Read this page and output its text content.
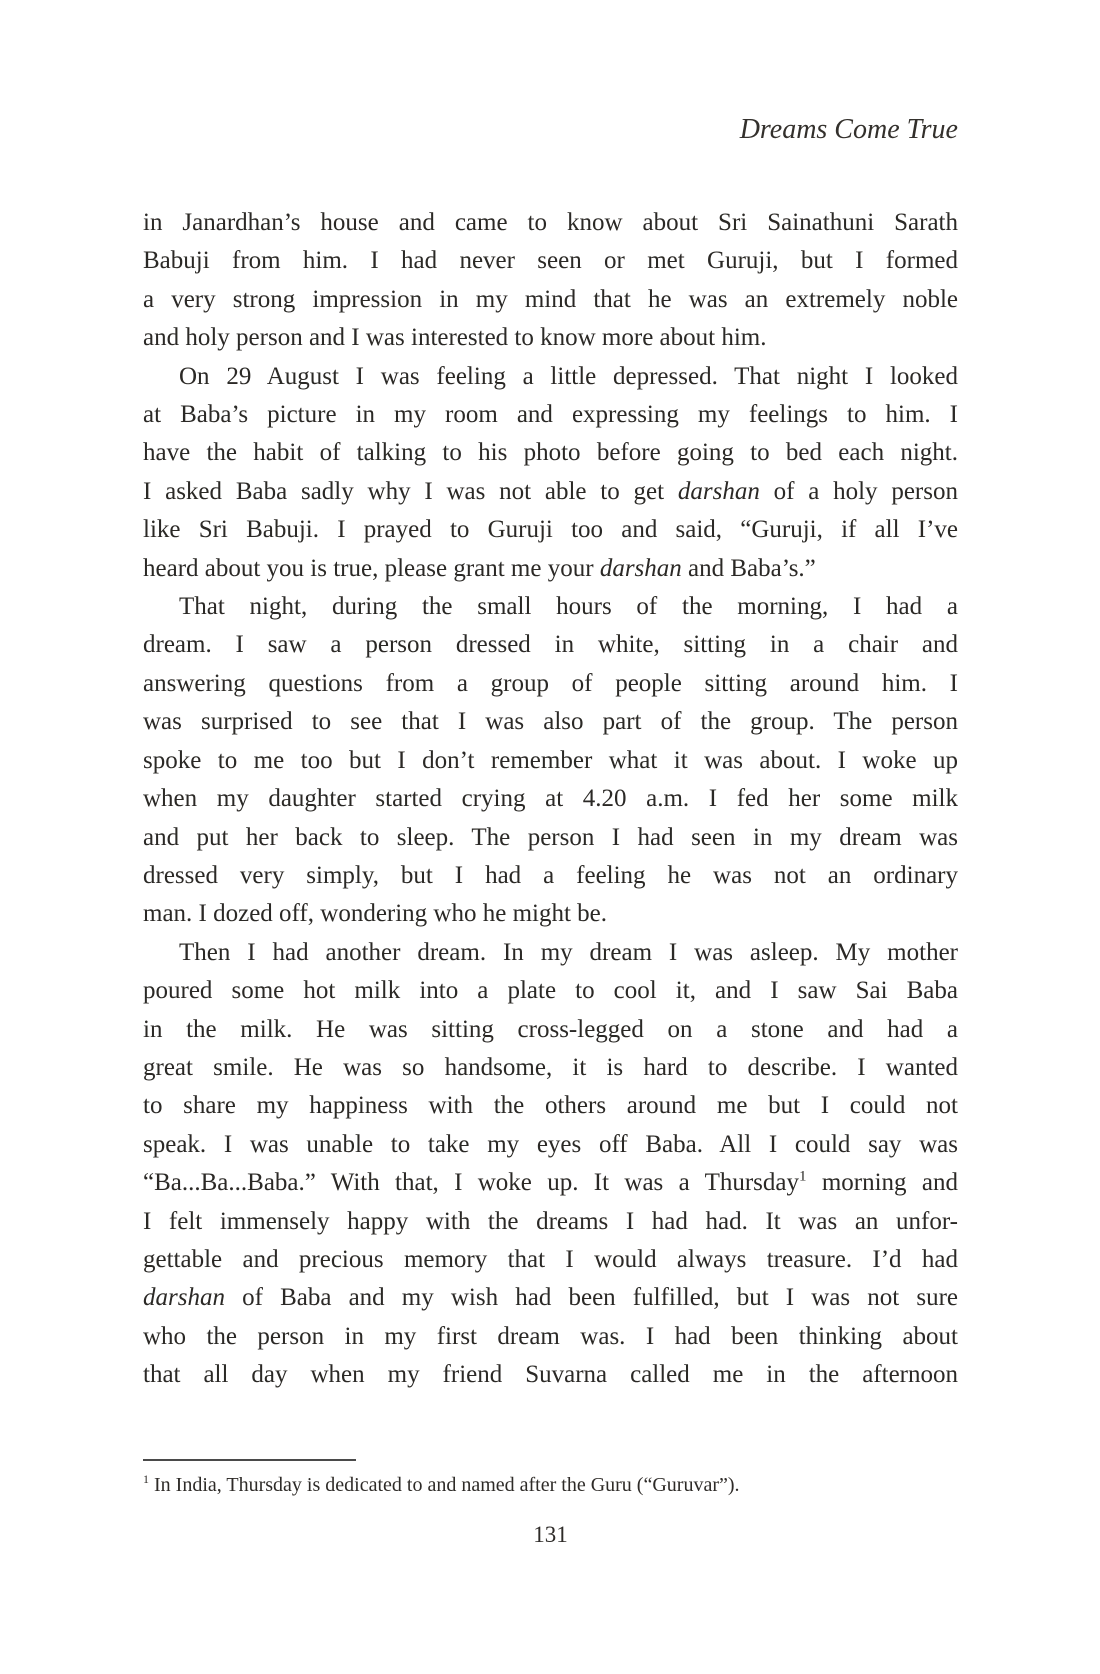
Dreams Come True
in Janardhan’s house and came to know about Sri Sainathuni Sarath
Babuji from him. I had never seen or met Guruji, but I formed
a very strong impression in my mind that he was an extremely noble
and holy person and I was interested to know more about him.
On 29 August I was feeling a little depressed. That night I looked
at Baba’s picture in my room and expressing my feelings to him. I
have the habit of talking to his photo before going to bed each night.
I asked Baba sadly why I was not able to get darshan of a holy person
like Sri Babuji. I prayed to Guruji too and said, “Guruji, if all I’ve
heard about you is true, please grant me your darshan and Baba’s.”
That night, during the small hours of the morning, I had a
dream. I saw a person dressed in white, sitting in a chair and
answering questions from a group of people sitting around him. I
was surprised to see that I was also part of the group. The person
spoke to me too but I don’t remember what it was about. I woke up
when my daughter started crying at 4.20 a.m. I fed her some milk
and put her back to sleep. The person I had seen in my dream was
dressed very simply, but I had a feeling he was not an ordinary
man. I dozed off, wondering who he might be.
Then I had another dream. In my dream I was asleep. My mother
poured some hot milk into a plate to cool it, and I saw Sai Baba
in the milk. He was sitting cross-legged on a stone and had a
great smile. He was so handsome, it is hard to describe. I wanted
to share my happiness with the others around me but I could not
speak. I was unable to take my eyes off Baba. All I could say was
“Ba...Ba...Baba.” With that, I woke up. It was a Thursday$^1$ morning and
I felt immensely happy with the dreams I had had. It was an unfor-
gettable and precious memory that I would always treasure. I’d had
darshan of Baba and my wish had been fulfilled, but I was not sure
who the person in my first dream was. I had been thinking about
that all day when my friend Suvarna called me in the afternoon
$^1$ In India, Thursday is dedicated to and named after the Guru (“Guruvar”).
131
